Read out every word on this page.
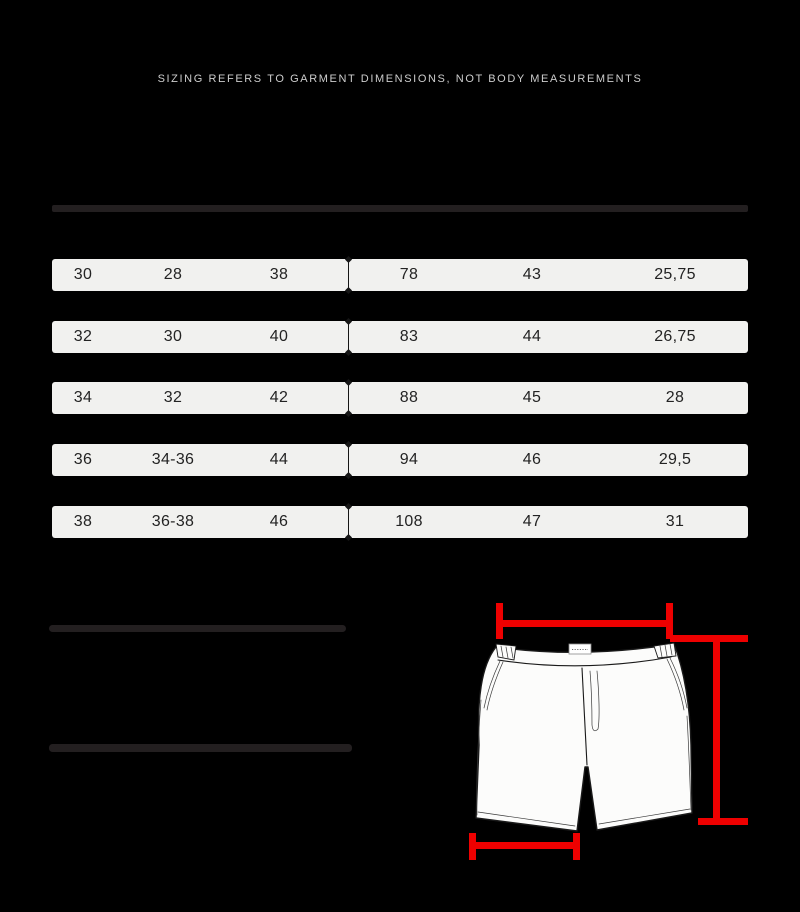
SIZING REFERS TO GARMENT DIMENSIONS, NOT BODY MEASUREMENTS
30	28	38	78	43	25,75
32	30	40	83	44	26,75
34	32	42	88	45	28
36	34-36	44	94	46	29,5
38	36-38	46	108	47	31
